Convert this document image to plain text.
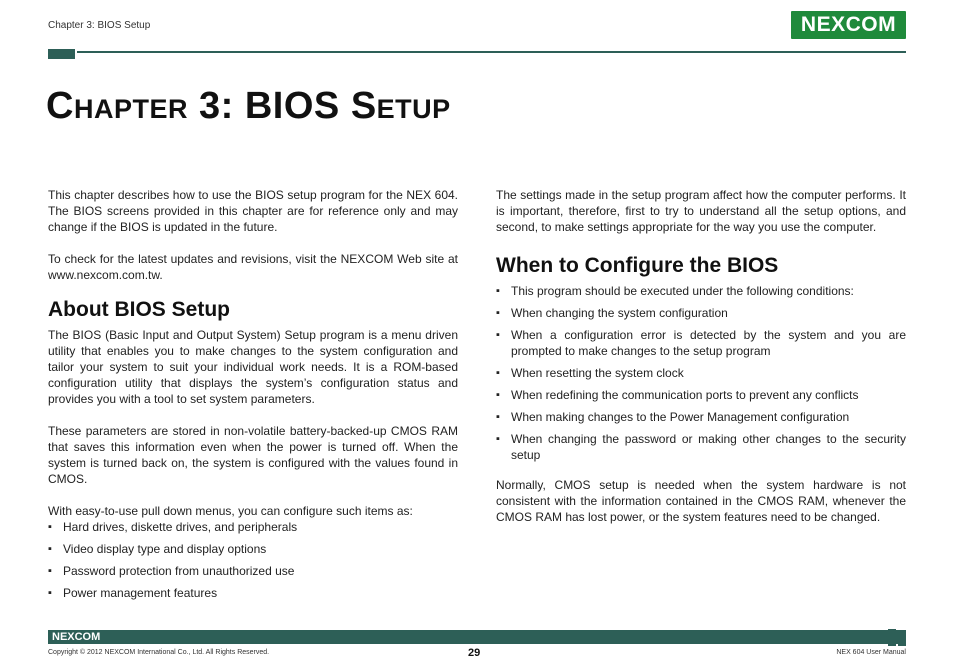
Chapter 3: BIOS Setup	NEXCOM
Chapter 3: BIOS Setup

This chapter describes how to use the BIOS setup program for the NEX 604. The BIOS screens provided in this chapter are for reference only and may change if the BIOS is updated in the future.

To check for the latest updates and revisions, visit the NEXCOM Web site at www.nexcom.com.tw.

About BIOS Setup

The BIOS (Basic Input and Output System) Setup program is a menu driven utility that enables you to make changes to the system configuration and tailor your system to suit your individual work needs. It is a ROM-based configuration utility that displays the system’s configuration status and provides you with a tool to set system parameters.

These parameters are stored in non-volatile battery-backed-up CMOS RAM that saves this information even when the power is turned off. When the system is turned back on, the system is configured with the values found in CMOS.

With easy-to-use pull down menus, you can configure such items as:

▪ Hard drives, diskette drives, and peripherals
▪ Video display type and display options
▪ Password protection from unauthorized use
▪ Power management features

The settings made in the setup program affect how the computer performs. It is important, therefore, first to try to understand all the setup options, and second, to make settings appropriate for the way you use the computer.

When to Configure the BIOS
▪ This program should be executed under the following conditions:
▪ When changing the system configuration
▪ When a configuration error is detected by the system and you are prompted to make changes to the setup program
▪ When resetting the system clock
▪ When redefining the communication ports to prevent any conflicts
▪ When making changes to the Power Management configuration
▪ When changing the password or making other changes to the security setup

Normally, CMOS setup is needed when the system hardware is not consistent with the information contained in the CMOS RAM, whenever the CMOS RAM has lost power, or the system features need to be changed.

NEXCOM
Copyright © 2012 NEXCOM International Co., Ltd. All Rights Reserved.	29	NEX 604 User Manual
